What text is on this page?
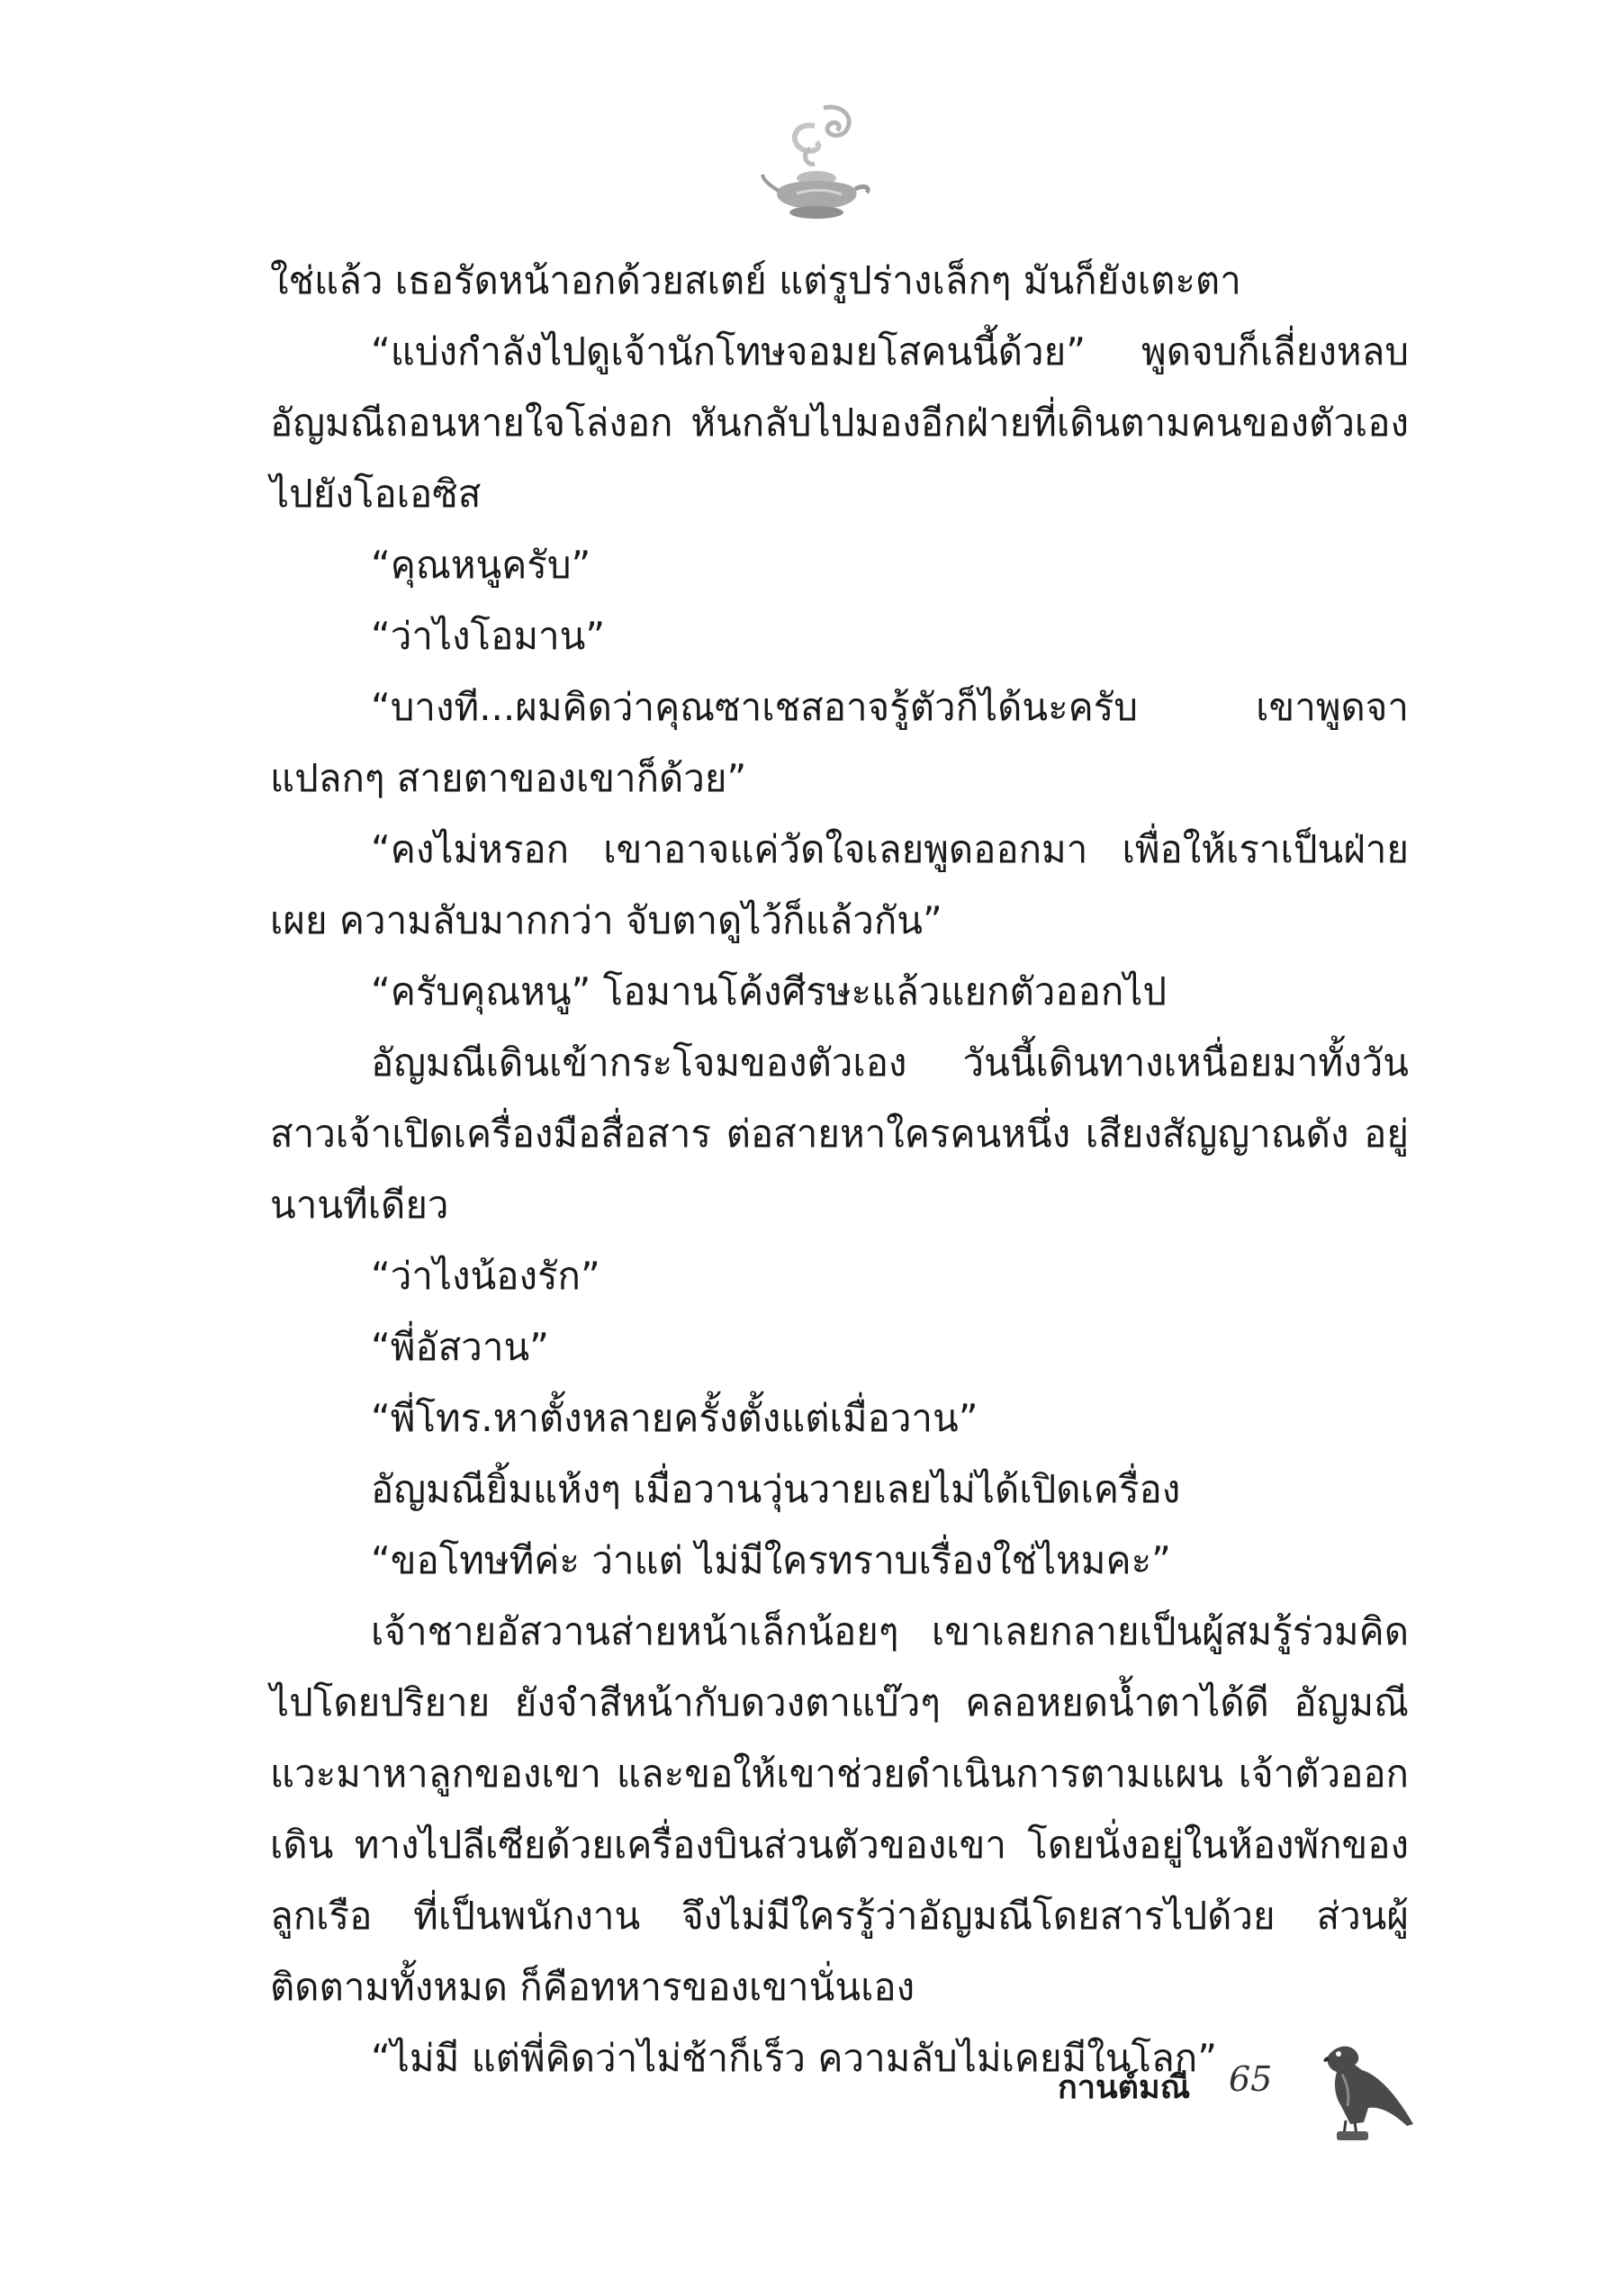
ใช่แล้ว เธอรัดหน้าอกด้วยสเตย์ แต่รูปร่างเล็กๆ มันก็ยังเตะตา

“แบ่งกำลังไปดูเจ้านักโทษจอมยโสคนนี้ด้วย” พูดจบก็เลี่ยงหลบ อัญมณีถอนหายใจโล่งอก หันกลับไปมองอีกฝ่ายที่เดินตามคนของตัวเอง ไปยังโอเอซิส

“คุณหนูครับ”

“ว่าไงโอมาน”

“บางที...ผมคิดว่าคุณซาเชสอาจรู้ตัวก็ได้นะครับ เขาพูดจาแปลกๆ สายตาของเขาก็ด้วย”

“คงไม่หรอก เขาอาจแค่วัดใจเลยพูดออกมา เพื่อให้เราเป็นฝ่ายเผย ความลับมากกว่า จับตาดูไว้ก็แล้วกัน”

“ครับคุณหนู” โอมานโค้งศีรษะแล้วแยกตัวออกไป

อัญมณีเดินเข้ากระโจมของตัวเอง วันนี้เดินทางเหนื่อยมาทั้งวัน สาวเจ้าเปิดเครื่องมือสื่อสาร ต่อสายหาใครคนหนึ่ง เสียงสัญญาณดัง อยู่นานทีเดียว

“ว่าไงน้องรัก”

“พี่อัสวาน”

“พี่โทร.หาตั้งหลายครั้งตั้งแต่เมื่อวาน”

อัญมณียิ้มแห้งๆ เมื่อวานวุ่นวายเลยไม่ได้เปิดเครื่อง

“ขอโทษทีค่ะ ว่าแต่ ไม่มีใครทราบเรื่องใช่ไหมคะ”

เจ้าชายอัสวานส่ายหน้าเล็กน้อยๆ เขาเลยกลายเป็นผู้สมรู้ร่วมคิด ไปโดยปริยาย ยังจำสีหน้ากับดวงตาแบ๊วๆ คลอหยดน้ำตาได้ดี อัญมณี แวะมาหาลูกของเขา และขอให้เขาช่วยดำเนินการตามแผน เจ้าตัวออกเดิน ทางไปลีเซียด้วยเครื่องบินส่วนตัวของเขา โดยนั่งอยู่ในห้องพักของลูกเรือ ที่เป็นพนักงาน จึงไม่มีใครรู้ว่าอัญมณีโดยสารไปด้วย ส่วนผู้ติดตามทั้งหมด ก็คือทหารของเขานั่นเอง

“ไม่มี แต่พี่คิดว่าไม่ช้าก็เร็ว ความลับไม่เคยมีในโลก”

กานต์มณี 65
